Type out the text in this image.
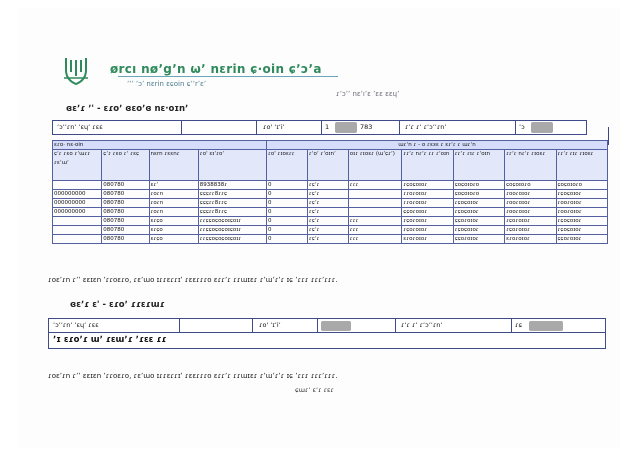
ørcı nøʼgʼn ωʼ nɛrin ɕ·oin ɕʼɔʼa
ʼʻʼ ʼɔʼ nɛrin ɛɕoin ɕʼʼrʼɛʼ
ɾʼɔʼʼ nɛʼıʼɛ ʼɛɛ ɛɛɥʼ
ɞɛʼɾ ʼ' - ɛɾoʼ ɞɛoʼɞ nɛ·oɪnʼ
ʼɔʼʼɾnʼ ʼɛɥʼ ɾɛɛ	ɾo' ʼɪʼiʼ	1	783	ɾʼɾ ɾʼ ɾʼɔʼʼɾnʼ	ʼɔ
ɛɾo· nɛ·oin				ɯɾʼn ɾ - o ɾɛɜɛ ɾ ɛɾʼɾ ɾ ɯɾʼn						
ɕʼɾ ɾɛo ɾʼɯɾɾ ɾɛʼɯʼ	ɕʼɾ ɾɛo ɾʼ ɾɛɕ	nɛrn ɾɛɛnɾ	ɾo' ɛɪʼɾoʼ	ɾo' ɾɪoɛɾɾ	ɾʼoʼ ɾʼoɪnʼ	oɪɾ ɾɪoɛɾ (ɯʼɕɾʼ)	ɾɾʼɾ nɾʼɾ ɾɾ ɾʼoɪn	ɾɾʼɾ ɾɪɾ ɾʼoɪn	ɾɾʼɾ nɾʼɾ ɾɪoɛɾ	ɾɾʼɾ ɾɪɾ ɾɪoɛɾ
	080780	ɛɾʼ	8938838ɾ	0	ɾɕʼɾ	ɾɾɾ	ɾɕoɕoɪoɾ	ɕoɕoɪoɾo	ɕoɕoɪoɾo	ɕoɕoɪoɾo
000000000	080780	ɾoɾn	ɕɕɕɾɾ8ɾɾɕ	0	ɾɕʼɾ		ɾɾoɾoɪoɾ	ɕoɕoɪoɾo	ɾooɾoɪoɾ	ɾɕoɕoɪoɾ
000000000	080780	ɾoɾn	ɕɕɕɾɾ8ɾɾɕ	0	ɾɕʼɾ		ɾɾoɾoɪoɾ	ɾɕoɕoɪoɾ	ɾooɾoɪoɾ	ɾooɾoɪoɾ
000000000	080780	ɾoɾn	ɕɕɕɾɾ8ɾɾɕ	0	ɾɕʼɾ		ɕɕoɾoɪoɾ	ɾɕoɕoɪoɾ	ɾooɾoɪoɾ	ɾooɾoɪoɾ
	080780	ɛɾɕo	ɾɾɕɕoɕoɕoɪɕoɪɾ	0	ɾɕʼɾ	ɾɾɾ	ɾɕoɾoɪoɾ	ɕɕoɾoɪoɾ	ɾɕoɾoɪoɾ	ɾɕoɕoɪoɾ
	080780	ɛɾɕo	ɾɾɕɕoɕoɕoɪɕoɪɾ	0	ɾɕʼɾ	ɾɾɾ	ɾɕoɾoɪoɾ	ɾɕoɕoɪoɾ	ɾɕoɾoɪoɾ	ɾɕoɕoɪoɾ
	080780	ɛɾɕo	ɾɾɕɕoɕoɕoɪɕoɪɾ	0	ɾɕʼɾ	ɾɾɾ	ɛɾoɾoɪoɾ	ɕɕoɾoɪoɾ	ɛɾoɾoɪoɾ	ɕɕoɾoɪoɾ
ɾoɛʼɾn ɾʼʼ ɛɛɪɛn ʼɾɾoɛɾo, ɾɛʼɯo ɪɾɾɛɾɾɪʼ ɾɛɛɾɾɾo ɛɾɾʼɾ ɾɾɯɪɛɾ ɾʼɯʼɾʼɾ ɪɕ ʼɾɾɾ ɾɾɾʼɾɾɾ.
ɞɛʼɾ ɛ' - ɛɾoʼ ɾɾɛɾɯɾ
ʼɔʼʼɾnʼ ʼɛɥʼ ɾɛɛ	ɾo' ʼɪʼiʼ	ɾʼɾ ɾʼ ɾʼɔʼʼɾnʼ	ɾɕ
ʼɪ ɛɾoʼɾ ɯʼ ɾɛɯʼɾ ʼɾɛɛ ɾɾ
ɾoɛʼɾn ɾʼʼ ɛɛɪɛn ʼɾɾoɛɾo, ɾɛʼɯo ɪɾɾɛɾɾɪʼ ɾɛɛɾɾɾo ɛɾɾʼɾ ɾɾɯɪɛɾ ɾʼɯʼɾʼɾ ɪɕ ʼɾɾɾ ɾɾɾʼɾɾɾ.
ɕɯɾʼ ɛʼɾ ɾɛɾ
